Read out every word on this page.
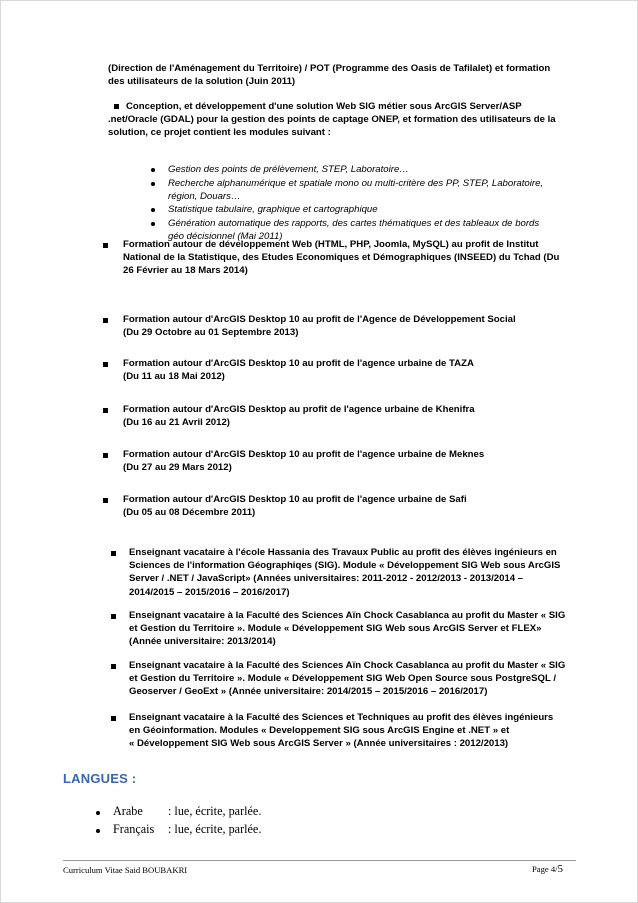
(Direction de l'Aménagement du Territoire) / POT (Programme des Oasis de Tafilalet) et formation
des utilisateurs de la solution (Juin 2011)
Conception, et développement d'une solution Web SIG métier sous ArcGIS Server/ASP
.net/Oracle (GDAL) pour la gestion des points de captage ONEP, et formation des utilisateurs de la
solution, ce projet contient les modules suivant :
Gestion des points de prélèvement, STEP, Laboratoire…
Recherche alphanumérique et spatiale mono ou multi-critère des PP, STEP, Laboratoire,
région, Douars…
Statistique tabulaire, graphique et cartographique
Génération automatique des rapports, des cartes thématiques et des tableaux de bords
géo décisionnel (Mai 2011)
Formation autour de développement Web (HTML, PHP, Joomla, MySQL) au profit de Institut
National de la Statistique, des Etudes Economiques et Démographiques (INSEED) du Tchad (Du
26 Février au 18 Mars 2014)
Formation autour d'ArcGIS Desktop 10 au profit de l'Agence de Développement Social
(Du 29 Octobre au 01 Septembre 2013)
Formation autour d'ArcGIS Desktop 10 au profit de l'agence urbaine de TAZA
(Du 11 au 18 Mai 2012)
Formation autour d'ArcGIS Desktop au profit de l'agence urbaine de Khenifra
(Du 16 au 21 Avril 2012)
Formation autour d'ArcGIS Desktop 10 au profit de l'agence urbaine de Meknes
(Du 27 au 29 Mars 2012)
Formation autour d'ArcGIS Desktop 10 au profit de l'agence urbaine de Safi
(Du 05 au 08 Décembre 2011)
Enseignant vacataire à l'école Hassania des Travaux Public au profit des élèves ingénieurs en
Sciences de l'information Géographiqes (SIG). Module « Développement SIG Web sous ArcGIS
Server / .NET / JavaScript» (Années universitaires: 2011-2012 - 2012/2013 - 2013/2014 –
2014/2015 – 2015/2016 – 2016/2017)
Enseignant vacataire à la Faculté des Sciences Aïn Chock Casablanca au profit du Master « SIG
et Gestion du Territoire ». Module « Développement SIG Web sous ArcGIS Server et FLEX»
(Année universitaire: 2013/2014)
Enseignant vacataire à la Faculté des Sciences Aïn Chock Casablanca au profit du Master « SIG
et Gestion du Territoire ». Module « Développement SIG Web Open Source sous PostgreSQL /
Geoserver / GeoExt » (Année universitaire: 2014/2015 – 2015/2016 – 2016/2017)
Enseignant vacataire à la Faculté des Sciences et Techniques au profit des élèves ingénieurs
en Géoinformation. Modules « Developpement SIG sous ArcGIS Engine et .NET » et
« Développement SIG Web sous ArcGIS Server » (Année universitaires : 2012/2013)
LANGUES :
Arabe : lue, écrite, parlée.
Français : lue, écrite, parlée.
Curriculum Vitae Said BOUBAKRI	Page 4/5
